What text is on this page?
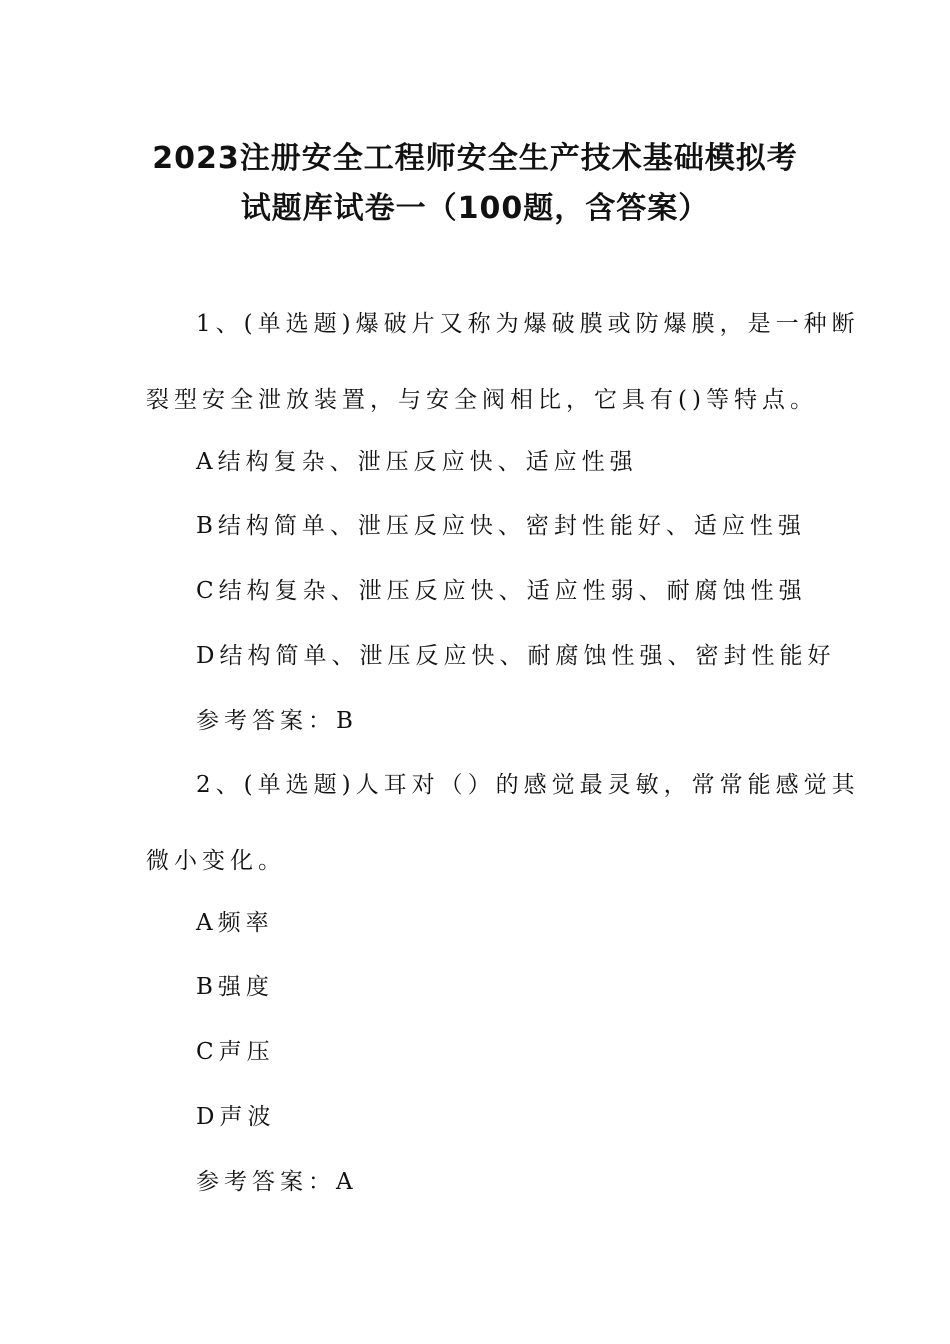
2023注册安全工程师安全生产技术基础模拟考
试题库试卷一（100题，含答案）
1、(单选题)爆破片又称为爆破膜或防爆膜，是一种断
裂型安全泄放装置，与安全阀相比，它具有()等特点。
A结构复杂、泄压反应快、适应性强
B结构简单、泄压反应快、密封性能好、适应性强
C结构复杂、泄压反应快、适应性弱、耐腐蚀性强
D结构简单、泄压反应快、耐腐蚀性强、密封性能好
参考答案：B
2、(单选题)人耳对（）的感觉最灵敏，常常能感觉其
微小变化。
A频率
B强度
C声压
D声波
参考答案：A
